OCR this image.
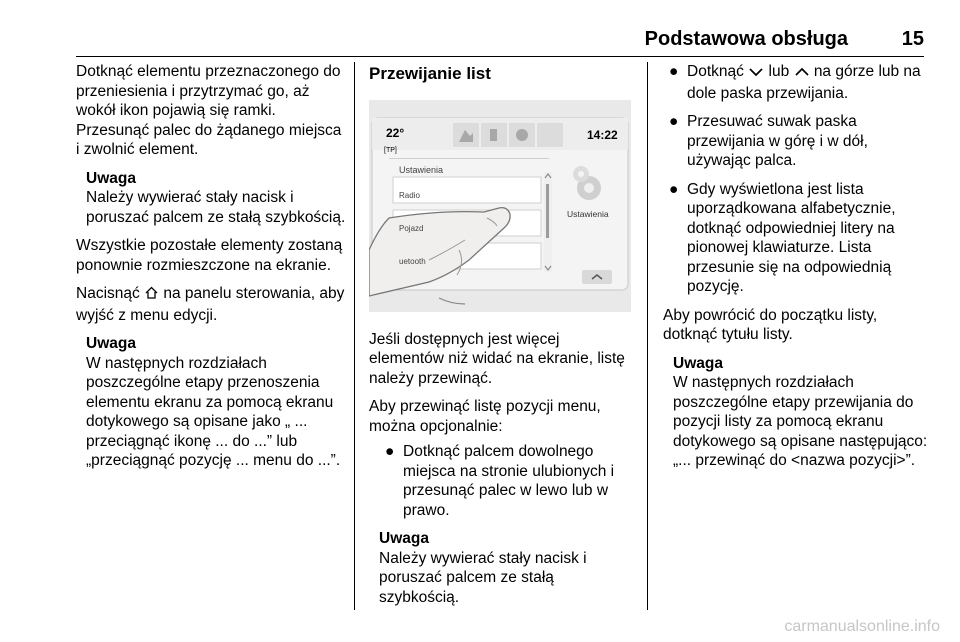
Podstawowa obsługa	15

Dotknąć elementu przeznaczonego do przeniesienia i przytrzymać go, aż wokół ikon pojawią się ramki. Przesunąć palec do żądanego miejsca i zwolnić element.

Uwaga
Należy wywierać stały nacisk i poruszać palcem ze stałą szybkością.

Wszystkie pozostałe elementy zostaną ponownie rozmieszczone na ekranie.

Nacisnąć na panelu sterowania, aby wyjść z menu edycji.

Uwaga
W następnych rozdziałach poszczególne etapy przenoszenia elementu ekranu za pomocą ekranu dotykowego są opisane jako „ ... przeciągnąć ikonę ... do ...” lub „przeciągnąć pozycję ... menu do ...”.
Przewijanie list
22°
[TP]
14:22
Ustawienia
Radio
Pojazd
uetooth
Ustawienia

Jeśli dostępnych jest więcej elementów niż widać na ekranie, listę należy przewinąć.

Aby przewinąć listę pozycji menu, można opcjonalnie:

● Dotknąć palcem dowolnego miejsca na stronie ulubionych i przesunąć palec w lewo lub w prawo.
Uwaga
Należy wywierać stały nacisk i poruszać palcem ze stałą szybkością.
● Dotknąć lub na górze lub na dole paska przewijania.
● Przesuwać suwak paska przewijania w górę i w dół, używając palca.
● Gdy wyświetlona jest lista uporządkowana alfabetycznie, dotknąć odpowiedniej litery na pionowej klawiaturze. Lista przesunie się na odpowiednią pozycję.

Aby powrócić do początku listy, dotknąć tytułu listy.

Uwaga
W następnych rozdziałach poszczególne etapy przewijania do pozycji listy za pomocą ekranu dotykowego są opisane następująco: „... przewinąć do <nazwa pozycji>”.
carmanualsonline.info
